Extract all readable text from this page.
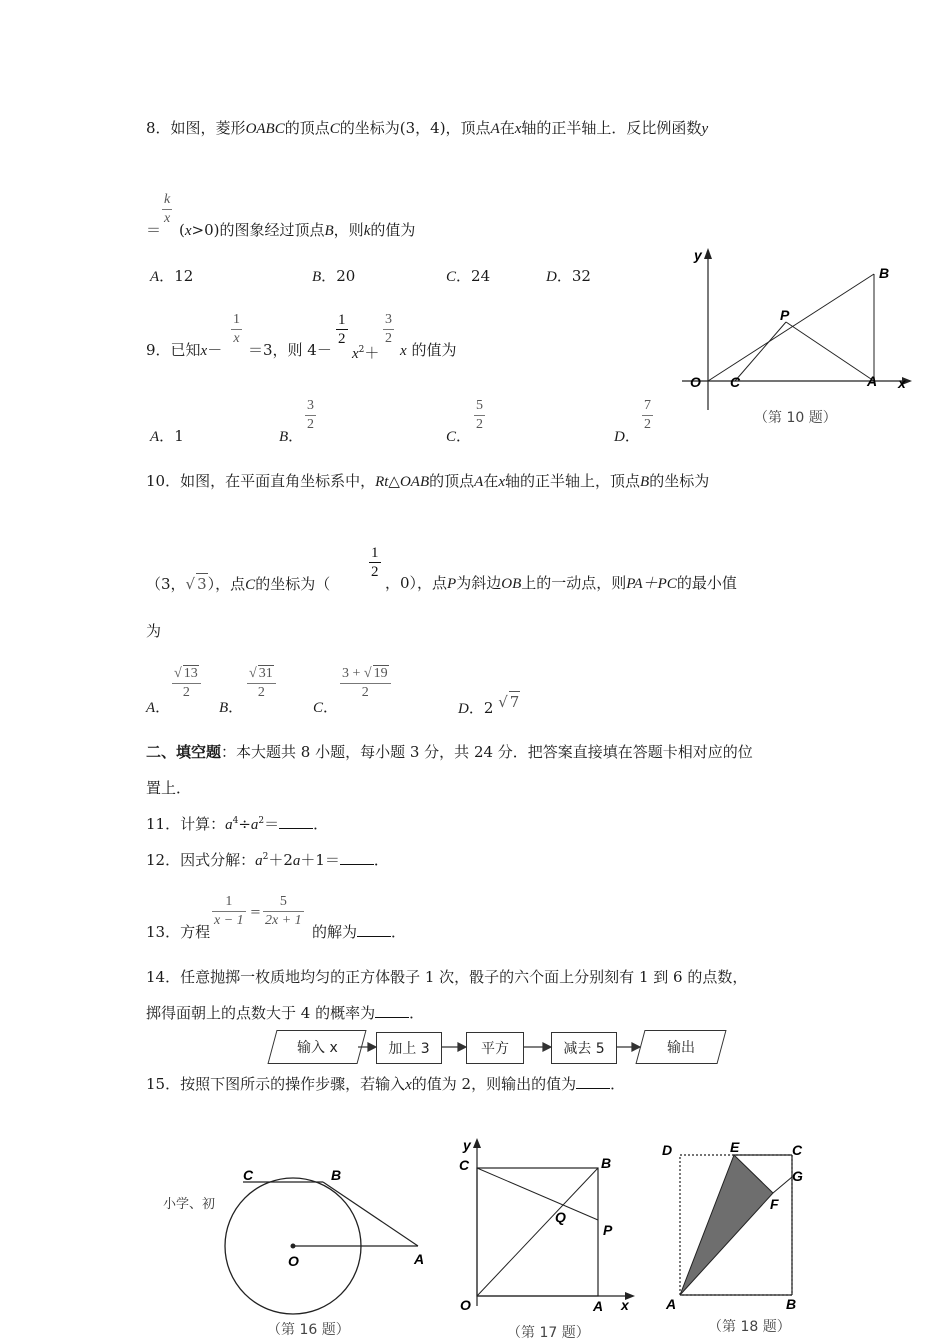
8．如图，菱形OABC的顶点C的坐标为(3，4)，顶点A在x轴的正半轴上．反比例函数y
k
x
＝ (x>0)的图象经过顶点B，则k的值为
A．12	B．20	C．24	D．32
9．已知x－
1
x
＝3，则 4－
1
2
$x^2+$
3
2
x 的值为
A．1	B．
3
2
C．
5
2
D．
7
2
y
x
O C	A
P
B
（第 10 题）
10．如图，在平面直角坐标系中，Rt△OAB的顶点A在x轴的正半轴上，顶点B的坐标为
（3，√ 3），点C的坐标为（
1
2
，0），点P为斜边OB上的一动点，则PA＋PC的最小值
为
A．
√ 13
2
B．
√ 31
2
C．
3 + √ 19
2
D．2 √ 7
二、填空题：本大题共 8 小题，每小题 3 分，共 24 分．把答案直接填在答题卡相对应的位
置上．
11．计算：$a^4\div a^2=$ ．
12．因式分解：$a^2+2a+1=$ ．
13．方程
1
x − 1
=
5
2x + 1
的解为 ．
14．任意抛掷一枚质地均匀的正方体骰子 1 次，骰子的六个面上分别刻有 1 到 6 的点数，
掷得面朝上的点数大于 4 的概率为 ．
输入 x	加上 3	平方	减去 5	输出
15．按照下图所示的操作步骤，若输入x的值为 2，则输出的值为 ．
小学、初
C	B
O	A
（第 16 题）
y
x
C	B
Q
P
O	A
（第 17 题）
D	E	C
G
F
A	B
（第 18 题）
